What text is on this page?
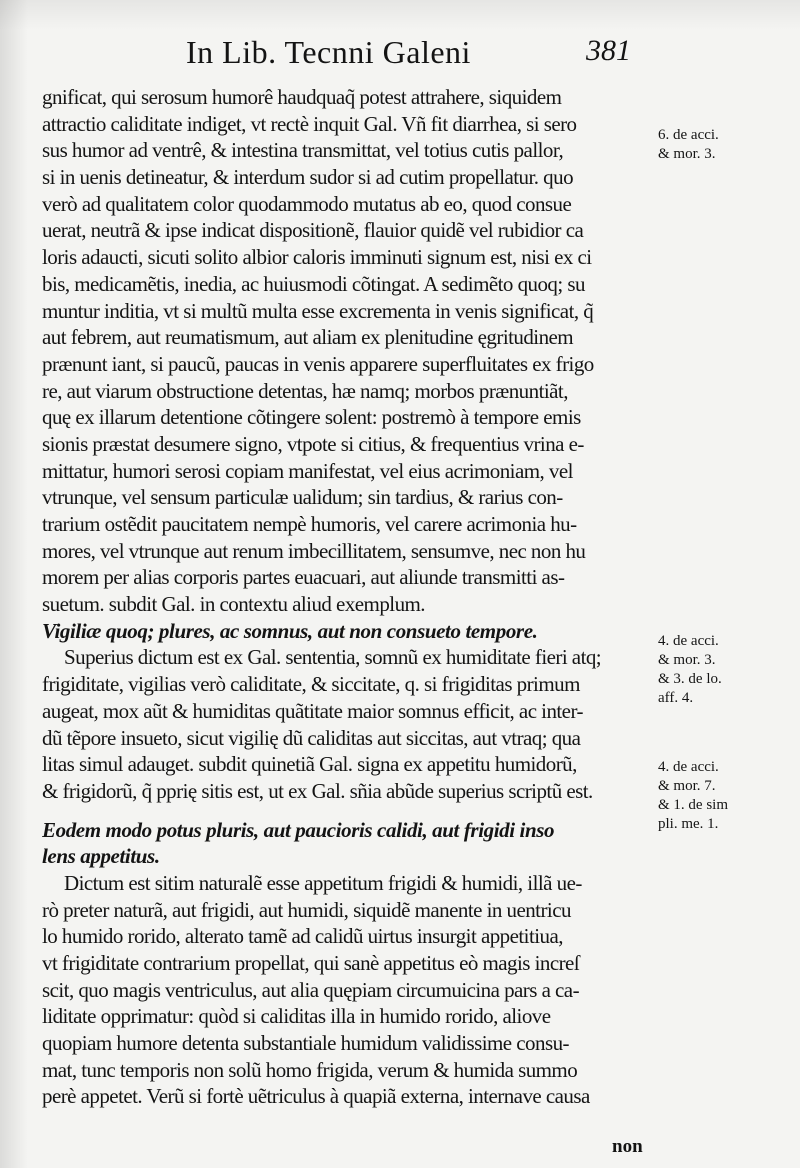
In Lib. Tecnni Galeni	381
gnificat, qui serosum humorê haudquaq̃ potest attrahere, siquidem
attractio caliditate indiget, vt rectè inquit Gal. Vñ fit diarrhea, si sero
sus humor ad ventrê, & intestina transmittat, vel totius cutis pallor,
si in uenis detineatur, & interdum sudor si ad cutim propellatur. quo
verò ad qualitatem color quodammodo mutatus ab eo, quod consue
uerat, neutrã & ipse indicat dispositionẽ, flauior quidẽ vel rubidior ca
loris adaucti, sicuti solito albior caloris imminuti signum est, nisi ex ci
bis, medicamẽtis, inedia, ac huiusmodi cõtingat. A sedimẽto quoq; su
muntur inditia, vt si multũ multa esse excrementa in venis significat, q̃
aut febrem, aut reumatismum, aut aliam ex plenitudine ęgritudinem
prænunt iant, si paucũ, paucas in venis apparere superfluitates ex frigo
re, aut viarum obstructione detentas, hæ namq; morbos prænuntiãt,
quę ex illarum detentione cõtingere solent: postremò à tempore emis
sionis præstat desumere signo, vtpote si citius, & frequentius vrina e-
mittatur, humori serosi copiam manifestat, vel eius acrimoniam, vel
vtrunque, vel sensum particulæ ualidum; sin tardius, & rarius con-
trarium ostẽdit paucitatem nempè humoris, vel carere acrimonia hu-
mores, vel vtrunque aut renum imbecillitatem, sensumve, nec non hu
morem per alias corporis partes euacuari, aut aliunde transmitti as-
suetum. subdit Gal. in contextu aliud exemplum.
Vigiliæ quoq; plures, ac somnus, aut non consueto tempore.
Superius dictum est ex Gal. sententia, somnũ ex humiditate fieri atq;
frigiditate, vigilias verò caliditate, & siccitate, q. si frigiditas primum
augeat, mox aũt & humiditas quãtitate maior somnus efficit, ac inter-
dũ tẽpore insueto, sicut vigilię dũ caliditas aut siccitas, aut vtraq; qua
litas simul adauget. subdit quinetiã Gal. signa ex appetitu humidorũ,
& frigidorũ, q̃ pprię sitis est, ut ex Gal. sñia abũde superius scriptũ est.
Eodem modo potus pluris, aut paucioris calidi, aut frigidi inso
lens appetitus.
Dictum est sitim naturalẽ esse appetitum frigidi & humidi, illã ue-
rò preter naturã, aut frigidi, aut humidi, siquidẽ manente in uentricu
lo humido rorido, alterato tamẽ ad calidũ uirtus insurgit appetitiua,
vt frigiditate contrarium propellat, qui sanè appetitus eò magis increſ
scit, quo magis ventriculus, aut alia quępiam circumuicina pars a ca-
liditate opprimatur: quòd si caliditas illa in humido rorido, aliove
quopiam humore detenta substantiale humidum validissime consu-
mat, tunc temporis non solũ homo frigida, verum & humida summo
perè appetet. Verũ si fortè uẽtriculus à quapiã externa, internave causa
6. de acci.
& mor. 3.
4. de acci.
& mor. 3.
& 3. de lo.
aff. 4.
4. de acci.
& mor. 7.
& 1. de sim
pli. me. 1.
non
